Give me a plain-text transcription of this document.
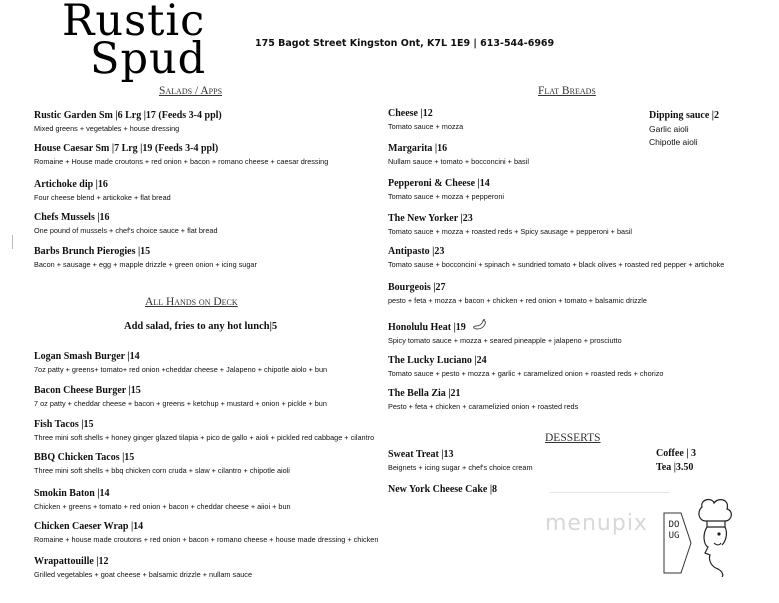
Rustic
Spud	175 Bagot Street Kingston Ont, K7L 1E9 | 613-544-6969
Salads / Apps
All Hands on Deck
Add salad, fries to any hot lunch|5
Flat Breads
DESSERTS
Rustic Garden Sm |6 Lrg |17 (Feeds 3-4 ppl)
Mixed greens + vegetables + house dressing
House Caesar Sm |7 Lrg |19 (Feeds 3-4 ppl)
Romaine + House made croutons + red onion + bacon + romano cheese + caesar dressing
Artichoke dip |16
Four cheese blend + artickoke + flat bread
Chefs Mussels |16
One pound of mussels + chef's choice sauce + flat bread
Barbs Brunch Pierogies |15
Bacon + sausage + egg + mapple drizzle + green onion + icing sugar
Logan Smash Burger |14
7oz patty + greens+ tomato+ red onion +cheddar cheese + Jalapeno + chipotle aiolo + bun
Bacon Cheese Burger |15
7 oz patty + cheddar cheese + bacon + greens + ketchup + mustard + onion + pickle + bun
Fish Tacos |15
Three mini soft shells + honey ginger glazed tilapia + pico de gallo + aioli + pickled red cabbage + cilantro
BBQ Chicken Tacos |15
Three mini soft shells + bbq chicken corn cruda + slaw + cilantro + chipotle aioli
Smokin Baton |14
Chicken + greens + tomato + red onion + bacon + cheddar cheese + aiioi + bun
Chicken Caeser Wrap |14
Romaine + house made croutons + red onion + bacon + romano cheese + house made dressing + chicken
Wrapattouille |12
Grilled vegetables + goat cheese + balsamic drizzle + nullam sauce
Cheese |12
Tomato sauce + mozza
Margarita |16
Nullam sauce + tomato + bocconcini + basil
Pepperoni & Cheese |14
Tomato sauce + mozza + pepperoni
The New Yorker |23
Tomato sauce + mozza + roasted reds + Spicy sausage + pepperoni + basil
Antipasto |23
Tomato sause + bocconcini + spinach + sundried tomato + black olives + roasted red pepper + artichoke
Bourgeois |27
pesto + feta + mozza + bacon + chicken + red onion + tomato + balsamic drizzle
Honolulu Heat |19
Spicy tomato sauce + mozza + seared pineapple + jalapeno + prosciutto
The Lucky Luciano |24
Tomato sauce + pesto + mozza + garlic + caramelized onion + roasted reds + chorizo
The Bella Zia |21
Pesto + feta + chicken + caramelizied onion + roasted reds
Dipping sauce |2
Garlic aioli
Chipotle aioli
Sweat Treat |13
Beignets + icing sugar + chef's choice cream
New York Cheese Cake |8
Coffee | 3
Tea |3.50
menupix DOUG
